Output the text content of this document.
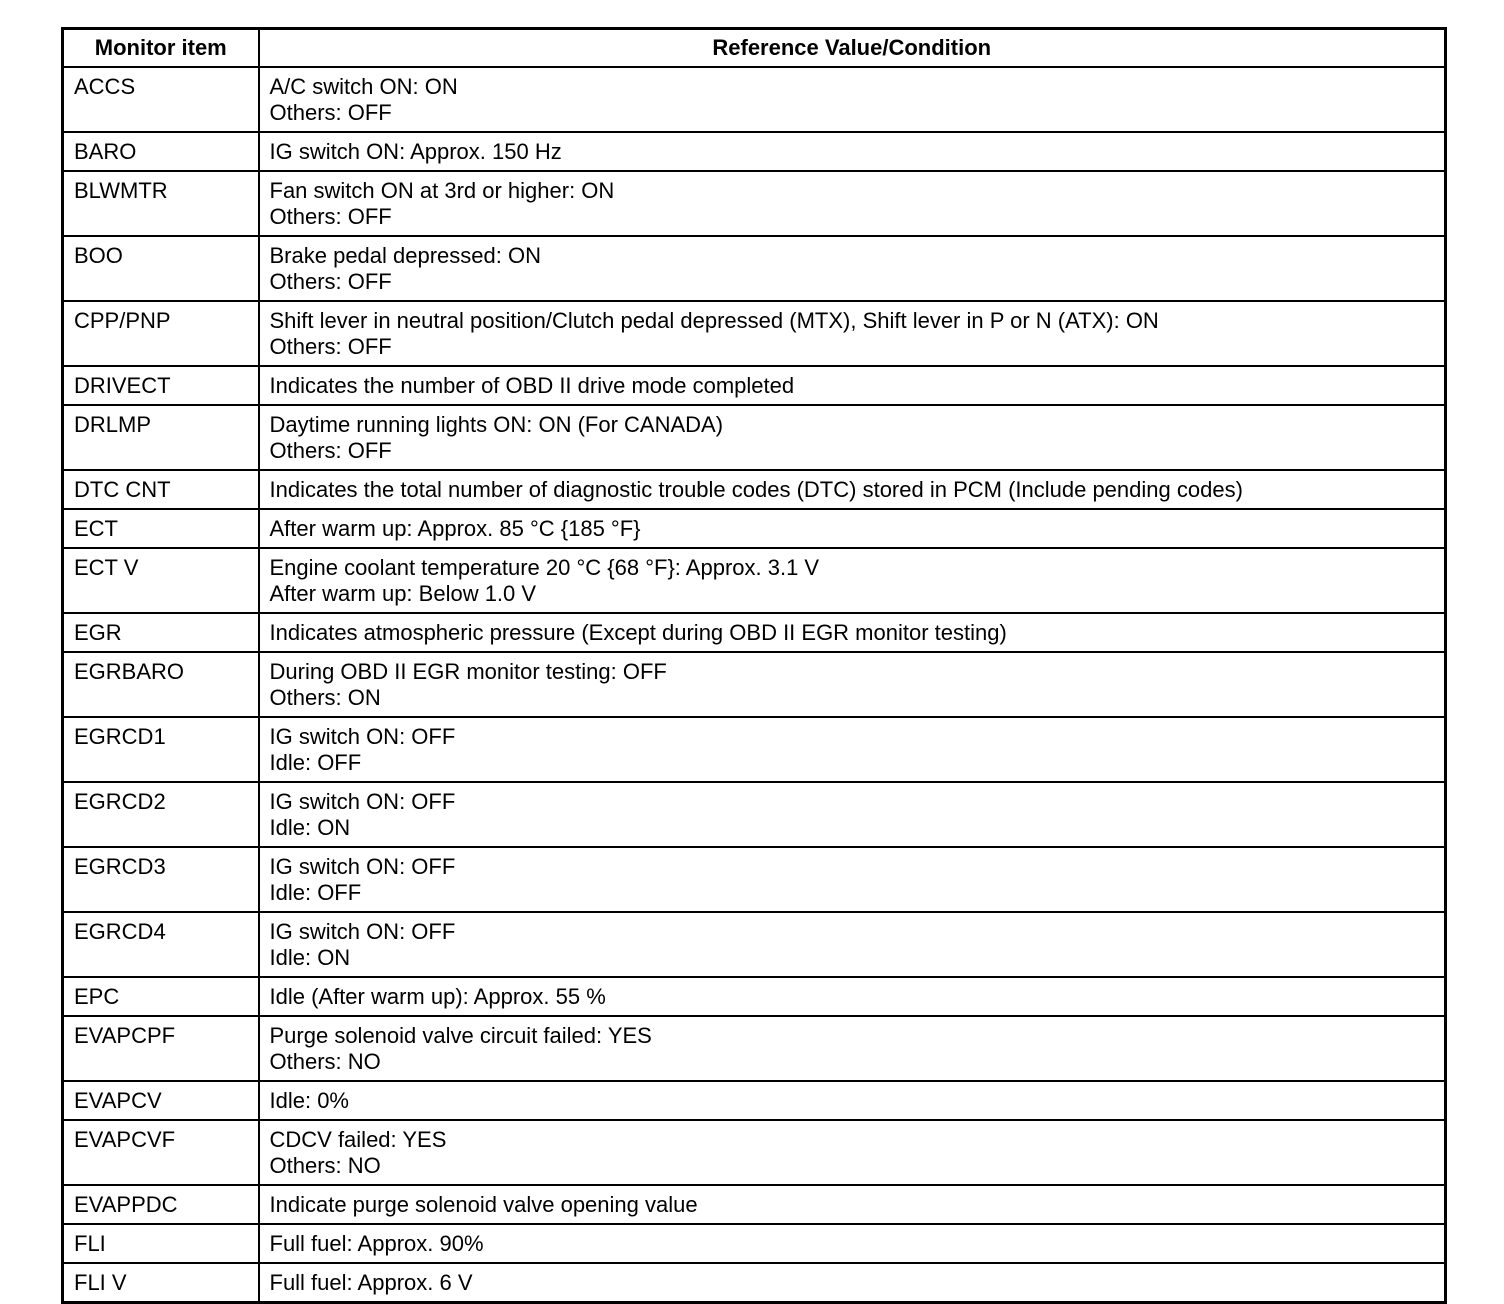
Monitor item	Reference Value/Condition
ACCS	A/C switch ON: ON
Others: OFF
BARO	IG switch ON: Approx. 150 Hz
BLWMTR	Fan switch ON at 3rd or higher: ON
Others: OFF
BOO	Brake pedal depressed: ON
Others: OFF
CPP/PNP	Shift lever in neutral position/Clutch pedal depressed (MTX), Shift lever in P or N (ATX): ON
Others: OFF
DRIVECT	Indicates the number of OBD II drive mode completed
DRLMP	Daytime running lights ON: ON (For CANADA)
Others: OFF
DTC CNT	Indicates the total number of diagnostic trouble codes (DTC) stored in PCM (Include pending codes)
ECT	After warm up: Approx. 85 °C {185 °F}
ECT V	Engine coolant temperature 20 °C {68 °F}: Approx. 3.1 V
After warm up: Below 1.0 V
EGR	Indicates atmospheric pressure (Except during OBD II EGR monitor testing)
EGRBARO	During OBD II EGR monitor testing: OFF
Others: ON
EGRCD1	IG switch ON: OFF
Idle: OFF
EGRCD2	IG switch ON: OFF
Idle: ON
EGRCD3	IG switch ON: OFF
Idle: OFF
EGRCD4	IG switch ON: OFF
Idle: ON
EPC	Idle (After warm up): Approx. 55 %
EVAPCPF	Purge solenoid valve circuit failed: YES
Others: NO
EVAPCV	Idle: 0%
EVAPCVF	CDCV failed: YES
Others: NO
EVAPPDC	Indicate purge solenoid valve opening value
FLI	Full fuel: Approx. 90%
FLI V	Full fuel: Approx. 6 V
